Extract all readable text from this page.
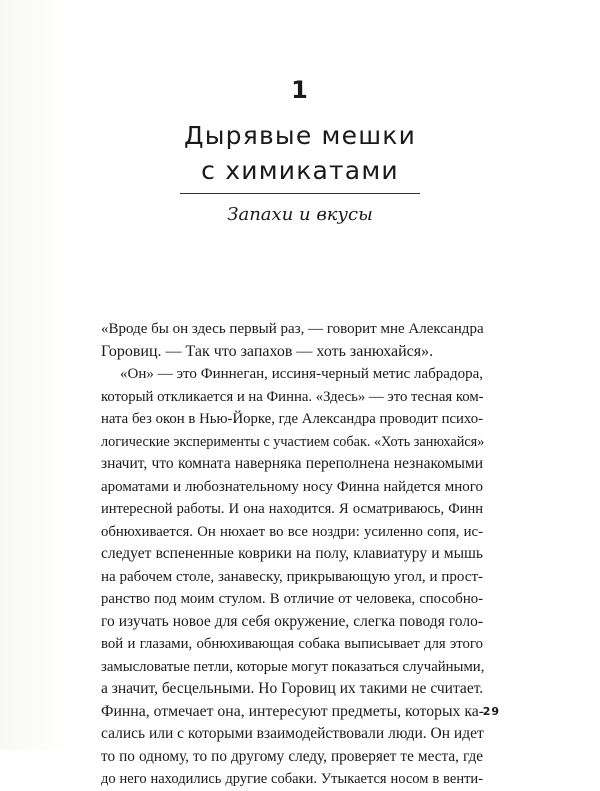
1
Дырявые мешки
с химикатами
Запахи и вкусы
«Вроде бы он здесь первый раз, — говорит мне Александра
Горовиц. — Так что запахов — хоть занюхайся».
«Он» — это Финнеган, иссиня-черный метис лабрадора,
который откликается и на Финна. «Здесь» — это тесная ком-
ната без окон в Нью-Йорке, где Александра проводит психо-
логические эксперименты с участием собак. «Хоть занюхайся»
значит, что комната наверняка переполнена незнакомыми
ароматами и любознательному носу Финна найдется много
интересной работы. И она находится. Я осматриваюсь, Финн
обнюхивается. Он нюхает во все ноздри: усиленно сопя, ис-
следует вспененные коврики на полу, клавиатуру и мышь
на рабочем столе, занавеску, прикрывающую угол, и прост-
ранство под моим стулом. В отличие от человека, способно-
го изучать новое для себя окружение, слегка поводя голо-
вой и глазами, обнюхивающая собака выписывает для этого
замысловатые петли, которые могут показаться случайными,
а значит, бесцельными. Но Горовиц их такими не считает.
Финна, отмечает она, интересуют предметы, которых ка-
сались или с которыми взаимодействовали люди. Он идет
то по одному, то по другому следу, проверяет те места, где
до него находились другие собаки. Утыкается носом в венти-
29
